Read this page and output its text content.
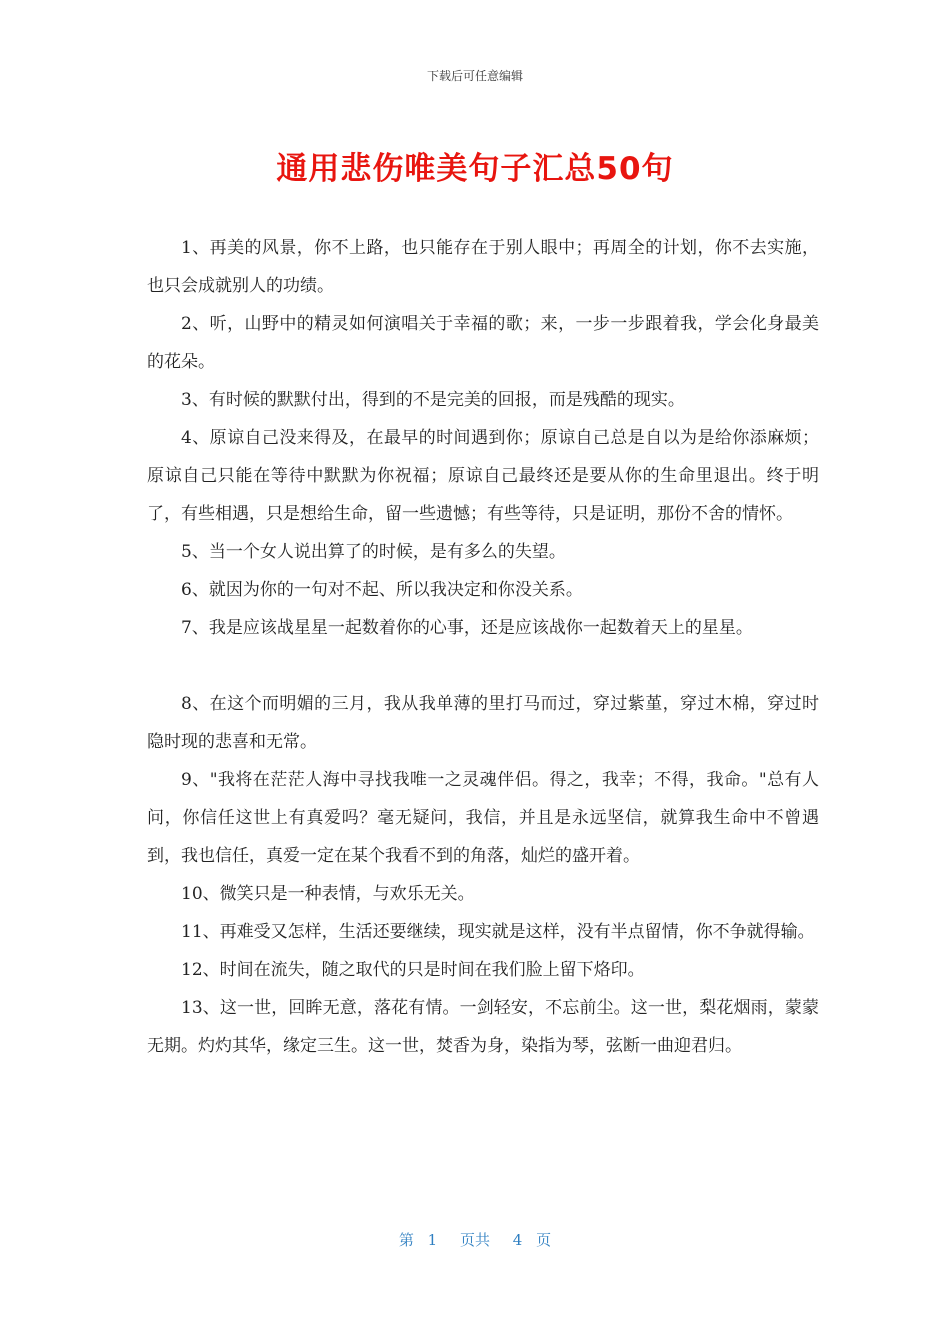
下载后可任意编辑
通用悲伤唯美句子汇总50句

1、再美的风景，你不上路，也只能存在于别人眼中；再周全的计划，你不去实施，也只会成就别人的功绩。

2、听，山野中的精灵如何演唱关于幸福的歌；来，一步一步跟着我，学会化身最美的花朵。

3、有时候的默默付出，得到的不是完美的回报，而是残酷的现实。

4、原谅自己没来得及，在最早的时间遇到你；原谅自己总是自以为是给你添麻烦；原谅自己只能在等待中默默为你祝福；原谅自己最终还是要从你的生命里退出。终于明了，有些相遇，只是想给生命，留一些遗憾；有些等待，只是证明，那份不舍的情怀。

5、当一个女人说出算了的时候，是有多么的失望。

6、就因为你的一句对不起、所以我决定和你没关系。

7、我是应该战星星一起数着你的心事，还是应该战你一起数着天上的星星。

8、在这个而明媚的三月，我从我单薄的里打马而过，穿过紫堇，穿过木棉，穿过时隐时现的悲喜和无常。

9、"我将在茫茫人海中寻找我唯一之灵魂伴侣。得之，我幸；不得，我命。"总有人问，你信任这世上有真爱吗？毫无疑问，我信，并且是永远坚信，就算我生命中不曾遇到，我也信任，真爱一定在某个我看不到的角落，灿烂的盛开着。

10、微笑只是一种表情，与欢乐无关。

11、再难受又怎样，生活还要继续，现实就是这样，没有半点留情，你不争就得输。

12、时间在流失，随之取代的只是时间在我们脸上留下烙印。

13、这一世，回眸无意，落花有情。一剑轻安，不忘前尘。这一世，梨花烟雨，蒙蒙无期。灼灼其华，缘定三生。这一世，焚香为身，染指为琴，弦断一曲迎君归。

第 1 页共 4 页
